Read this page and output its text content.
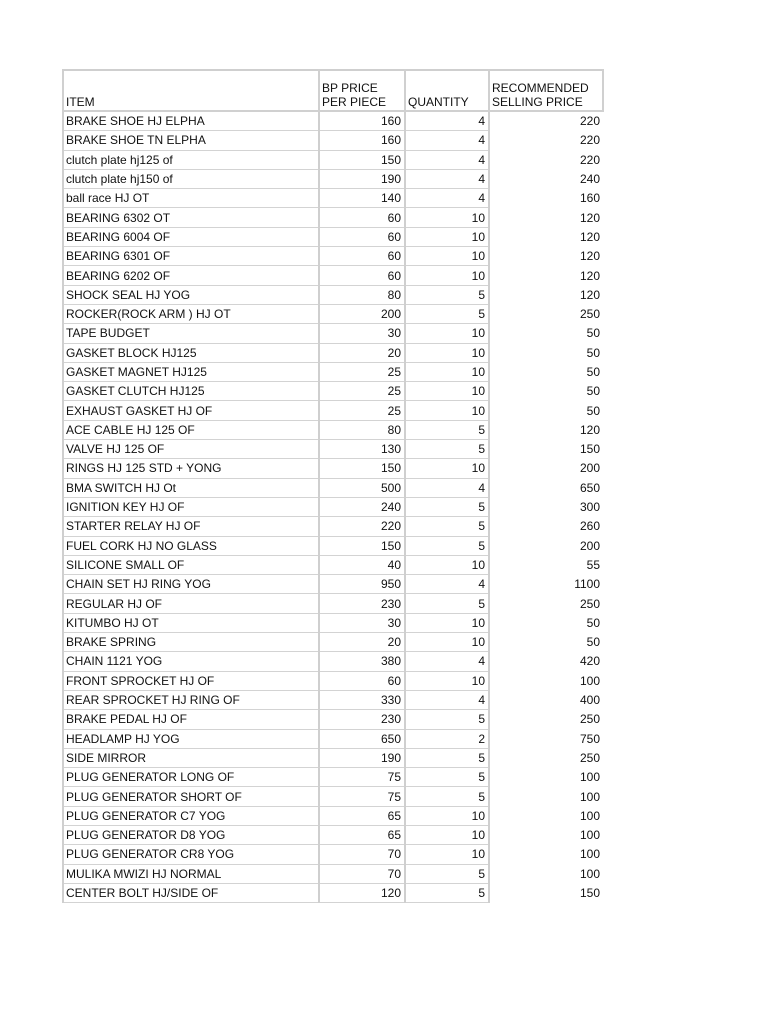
ITEM	BP PRICE PER PIECE	QUANTITY	RECOMMENDED SELLING PRICE
BRAKE SHOE HJ ELPHA	160	4	220
BRAKE SHOE TN ELPHA	160	4	220
clutch plate hj125 of	150	4	220
clutch plate hj150 of	190	4	240
ball race HJ OT	140	4	160
BEARING 6302 OT	60	10	120
BEARING 6004 OF	60	10	120
BEARING 6301 OF	60	10	120
BEARING 6202 OF	60	10	120
SHOCK SEAL HJ YOG	80	5	120
ROCKER(ROCK ARM ) HJ OT	200	5	250
TAPE BUDGET	30	10	50
GASKET BLOCK HJ125	20	10	50
GASKET MAGNET HJ125	25	10	50
GASKET CLUTCH HJ125	25	10	50
EXHAUST GASKET HJ OF	25	10	50
ACE CABLE HJ 125 OF	80	5	120
VALVE HJ 125 OF	130	5	150
RINGS HJ 125 STD + YONG	150	10	200
BMA SWITCH HJ Ot	500	4	650
IGNITION KEY HJ OF	240	5	300
STARTER RELAY HJ OF	220	5	260
FUEL CORK HJ NO GLASS	150	5	200
SILICONE SMALL OF	40	10	55
CHAIN SET HJ RING YOG	950	4	1100
REGULAR HJ OF	230	5	250
KITUMBO HJ OT	30	10	50
BRAKE SPRING	20	10	50
CHAIN 1121 YOG	380	4	420
FRONT SPROCKET HJ OF	60	10	100
REAR SPROCKET HJ RING OF	330	4	400
BRAKE PEDAL HJ OF	230	5	250
HEADLAMP HJ YOG	650	2	750
SIDE MIRROR	190	5	250
PLUG GENERATOR LONG OF	75	5	100
PLUG GENERATOR SHORT OF	75	5	100
PLUG GENERATOR C7 YOG	65	10	100
PLUG GENERATOR D8 YOG	65	10	100
PLUG GENERATOR CR8 YOG	70	10	100
MULIKA MWIZI HJ NORMAL	70	5	100
CENTER BOLT HJ/SIDE OF	120	5	150
